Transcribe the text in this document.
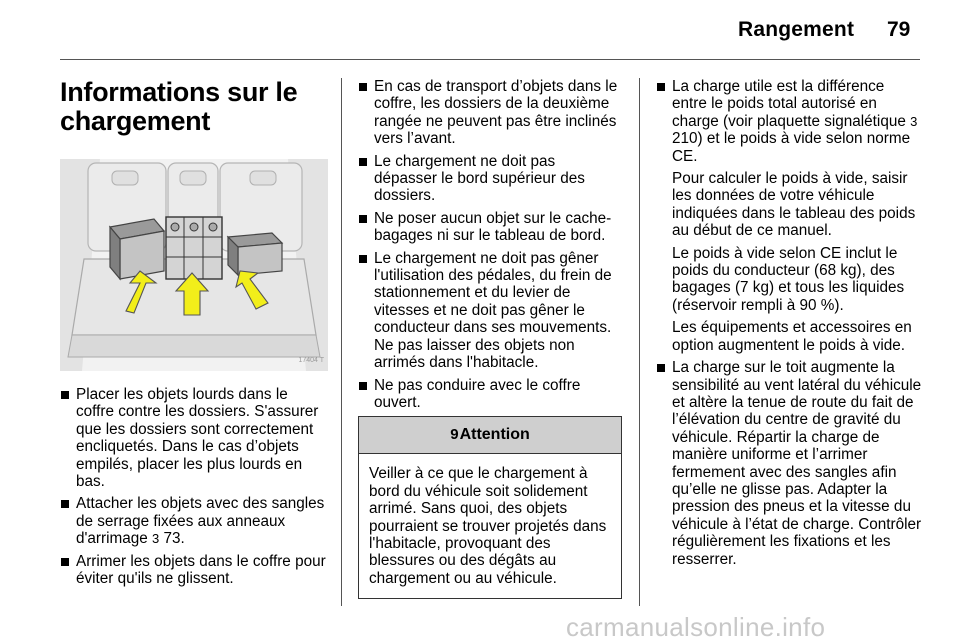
Rangement 79
Informations sur le chargement
17404 T
Placer les objets lourds dans le coffre contre les dossiers. S'assurer que les dossiers sont correctement encliquetés. Dans le cas d’objets empilés, placer les plus lourds en bas.
Attacher les objets avec des sangles de serrage fixées aux anneaux d'arrimage 3 73.
Arrimer les objets dans le coffre pour éviter qu'ils ne glissent.
En cas de transport d’objets dans le coffre, les dossiers de la deuxième rangée ne peuvent pas être inclinés vers l’avant.
Le chargement ne doit pas dépasser le bord supérieur des dossiers.
Ne poser aucun objet sur le cache-bagages ni sur le tableau de bord.
Le chargement ne doit pas gêner l'utilisation des pédales, du frein de stationnement et du levier de vitesses et ne doit pas gêner le conducteur dans ses mouvements. Ne pas laisser des objets non arrimés dans l'habitacle.
Ne pas conduire avec le coffre ouvert.
9Attention
Veiller à ce que le chargement à bord du véhicule soit solidement arrimé. Sans quoi, des objets pourraient se trouver projetés dans l'habitacle, provoquant des blessures ou des dégâts au chargement ou au véhicule.
La charge utile est la différence entre le poids total autorisé en charge (voir plaquette signalétique 3 210) et le poids à vide selon norme CE.
Pour calculer le poids à vide, saisir les données de votre véhicule indiquées dans le tableau des poids au début de ce manuel.
Le poids à vide selon CE inclut le poids du conducteur (68 kg), des bagages (7 kg) et tous les liquides (réservoir rempli à 90 %).
Les équipements et accessoires en option augmentent le poids à vide.
La charge sur le toit augmente la sensibilité au vent latéral du véhicule et altère la tenue de route du fait de l’élévation du centre de gravité du véhicule. Répartir la charge de manière uniforme et l’arrimer fermement avec des sangles afin qu’elle ne glisse pas. Adapter la pression des pneus et la vitesse du véhicule à l’état de charge. Contrôler régulièrement les fixations et les resserrer.
carmanualsonline.info
